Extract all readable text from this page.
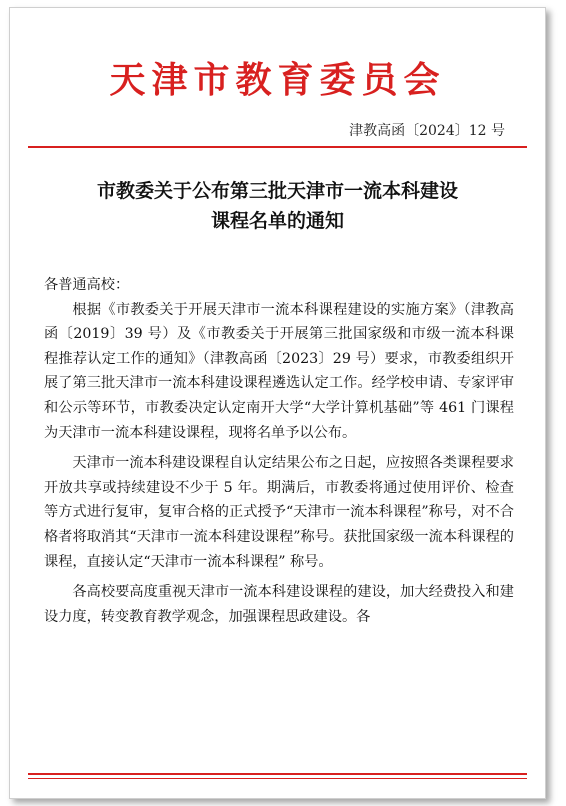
天津市教育委员会
津教高函〔2024〕12 号
市教委关于公布第三批天津市一流本科建设
课程名单的通知

各普通高校：

根据《市教委关于开展天津市一流本科课程建设的实施方案》（津教高函〔2019〕39 号）及《市教委关于开展第三批国家级和市级一流本科课程推荐认定工作的通知》（津教高函〔2023〕29 号）要求，市教委组织开展了第三批天津市一流本科建设课程遴选认定工作。经学校申请、专家评审和公示等环节，市教委决定认定南开大学“大学计算机基础”等 461 门课程为天津市一流本科建设课程，现将名单予以公布。

天津市一流本科建设课程自认定结果公布之日起，应按照各类课程要求开放共享或持续建设不少于 5 年。期满后，市教委将通过使用评价、检查等方式进行复审，复审合格的正式授予“天津市一流本科课程”称号，对不合格者将取消其“天津市一流本科建设课程”称号。获批国家级一流本科课程的课程，直接认定“天津市一流本科课程” 称号。

各高校要高度重视天津市一流本科建设课程的建设，加大经费投入和建设力度，转变教育教学观念，加强课程思政建设。各
